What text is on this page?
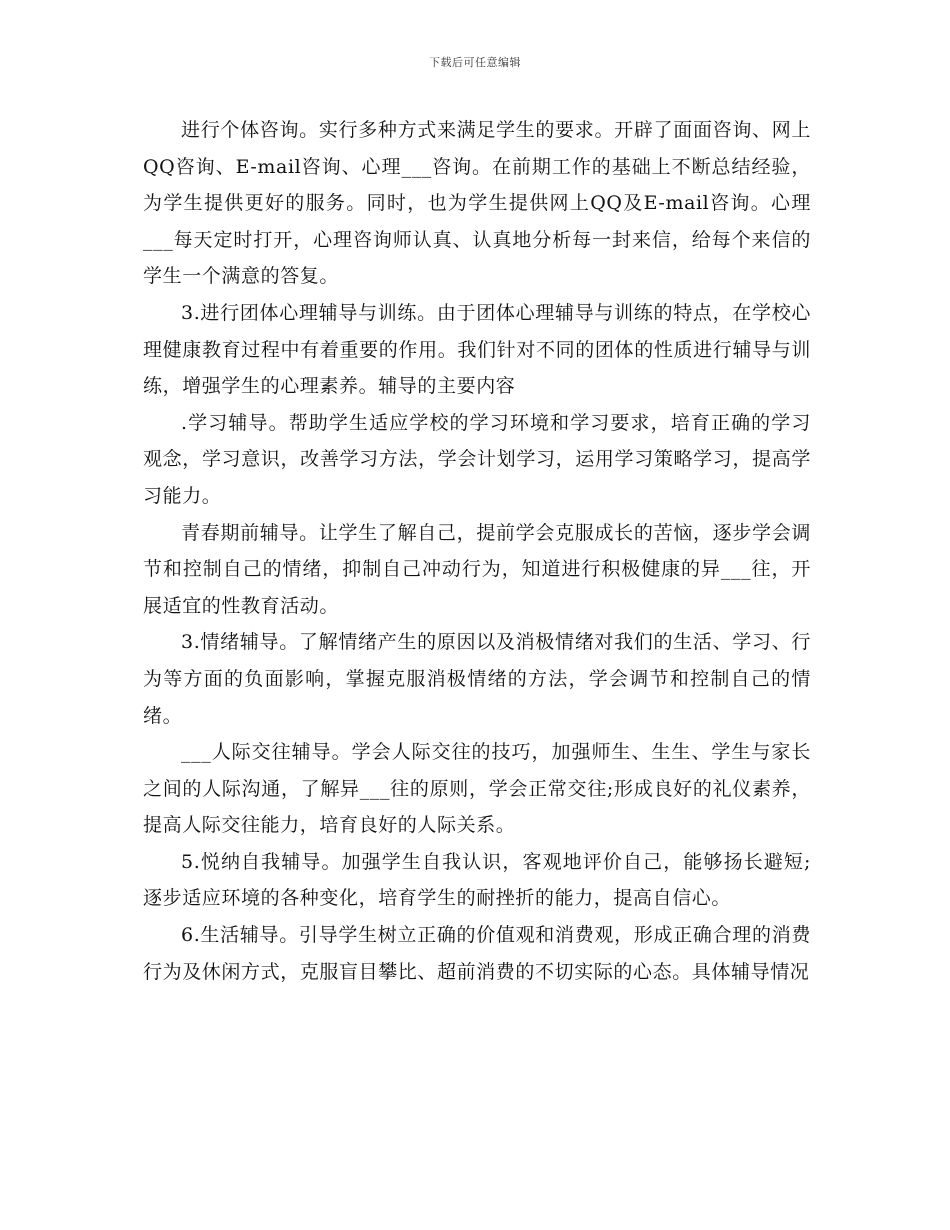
下载后可任意编辑

进行个体咨询。实行多种方式来满足学生的要求。开辟了面面咨询、网上QQ咨询、E-mail咨询、心理___咨询。在前期工作的基础上不断总结经验，为学生提供更好的服务。同时，也为学生提供网上QQ及E-mail咨询。心理___每天定时打开，心理咨询师认真、认真地分析每一封来信，给每个来信的学生一个满意的答复。

3.进行团体心理辅导与训练。由于团体心理辅导与训练的特点，在学校心理健康教育过程中有着重要的作用。我们针对不同的团体的性质进行辅导与训练，增强学生的心理素养。辅导的主要内容

.学习辅导。帮助学生适应学校的学习环境和学习要求，培育正确的学习观念，学习意识，改善学习方法，学会计划学习，运用学习策略学习，提高学习能力。

青春期前辅导。让学生了解自己，提前学会克服成长的苦恼，逐步学会调节和控制自己的情绪，抑制自己冲动行为，知道进行积极健康的异___往，开展适宜的性教育活动。

3.情绪辅导。了解情绪产生的原因以及消极情绪对我们的生活、学习、行为等方面的负面影响，掌握克服消极情绪的方法，学会调节和控制自己的情绪。

___人际交往辅导。学会人际交往的技巧，加强师生、生生、学生与家长之间的人际沟通，了解异___往的原则，学会正常交往;形成良好的礼仪素养，提高人际交往能力，培育良好的人际关系。

5.悦纳自我辅导。加强学生自我认识，客观地评价自己，能够扬长避短;逐步适应环境的各种变化，培育学生的耐挫折的能力，提高自信心。

6.生活辅导。引导学生树立正确的价值观和消费观，形成正确合理的消费行为及休闲方式，克服盲目攀比、超前消费的不切实际的心态。具体辅导情况
